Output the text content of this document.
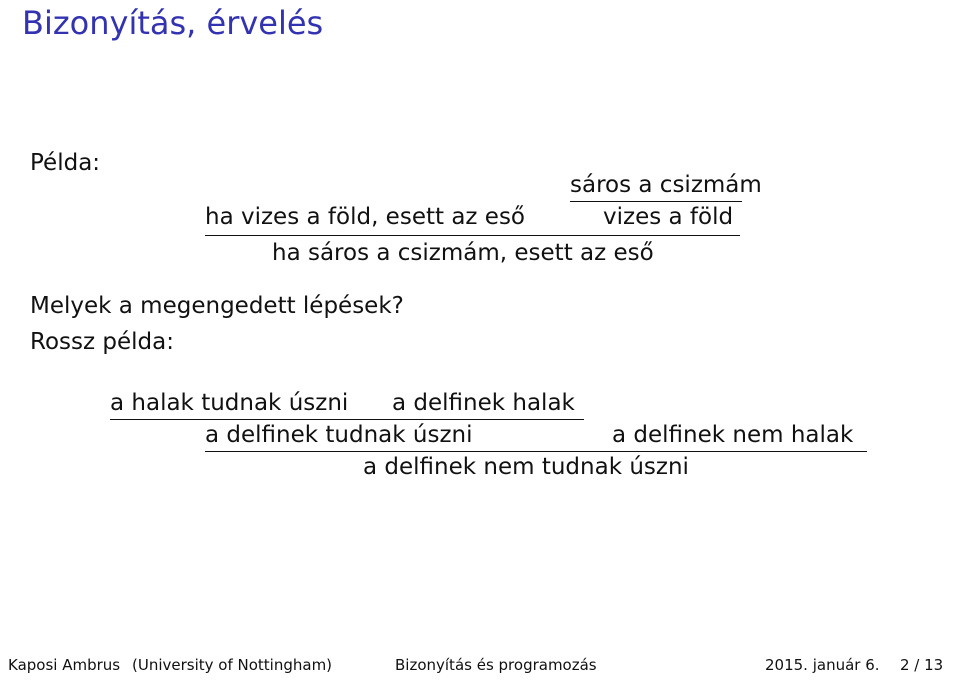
Bizonyítás, érvelés
Példa:
sáros a csizmám
ha vizes a föld, esett az eső	vizes a föld
ha sáros a csizmám, esett az eső
Melyek a megengedett lépések?
Rossz példa:
a halak tudnak úszni a delfinek halak
a delfinek tudnak úszni	a delfinek nem halak
a delfinek nem tudnak úszni
Kaposi Ambrus (University of Nottingham)	Bizonyítás és programozás	2015. január 6. 2 / 13
